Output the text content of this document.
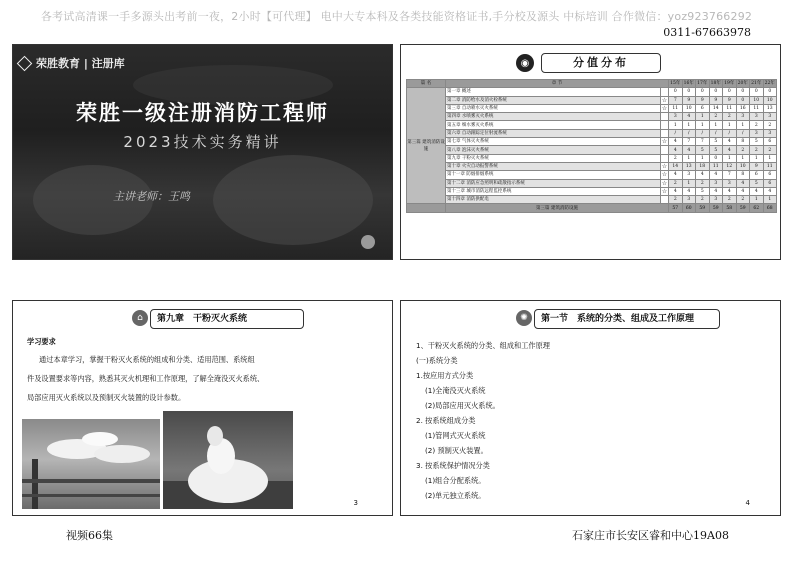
各考试高清课一手多源头出考前一夜，2小时【可代理】 电中大专本科及各类技能资格证书,手分校及源头 中标培训 合作微信：yoz923766292
0311-67663978
荣胜教育 | 注册库
荣胜一级注册消防工程师
2023技术实务精讲
主讲老师：王鸣
◉	分值分布
篇 名	章 节		15年	16年	17年	18年	19年	20年	21年	22年
第三篇 建筑消防设施	第一章 概述		0	0	0	0	0	0	0	0
	第二章 消防给水及消火栓系统	☆	7	9	9	9	9	0	10	10
	第三章 自动喷水灭火系统	☆	11	10	6	14	11	16	11	13
	第四章 水喷雾灭火系统		3	4	1	2	2	3	3	3
	第五章 细水雾灭火系统		1	1	1	1	1	1	2	2
	第六章 自动跟踪定位射流系统		/	/	/	/	/	/	3	3
	第七章 气体灭火系统	☆	4	7	7	5	4	8	5	6
	第八章 泡沫灭火系统		4	4	5	5	4	2	2	2
	第九章 干粉灭火系统		2	1	1	0	1	1	1	1
	第十章 火灾自动报警系统	☆	14	13	18	11	12	10	9	11
	第十一章 防烟排烟系统	☆	4	3	4	4	7	8	6	6
	第十二章 消防应急照明和疏散指示系统	☆	2	1	2	3	3	4	5	6
	第十三章 城市消防远程监控系统	☆	4	4	5	4	4	4	4	4
	第十四章 消防供配电		2	3	2	3	2	2	1	1
	第三篇 建筑消防设施		57	60	59	59	58	59	62	68
⌂	第九章　干粉灭火系统
学习要求
通过本章学习，掌握干粉灭火系统的组成和分类、适用范围、系统组
件及设置要求等内容，熟悉其灭火机理和工作原理，了解全淹没灭火系统、
局部应用灭火系统以及预制灭火装置的设计参数。
3
✺	第一节　系统的分类、组成及工作原理
1、干粉灭火系统的分类、组成和工作原理
(一)系统分类
1.按应用方式分类
(1)全淹没灭火系统
(2)局部应用灭火系统。
2. 按系统组成分类
(1)管网式灭火系统
(2) 预制灭火装置。
3. 按系统保护情况分类
(1)组合分配系统。
(2)单元独立系统。
4
视频66集	石家庄市长安区睿和中心19A08
